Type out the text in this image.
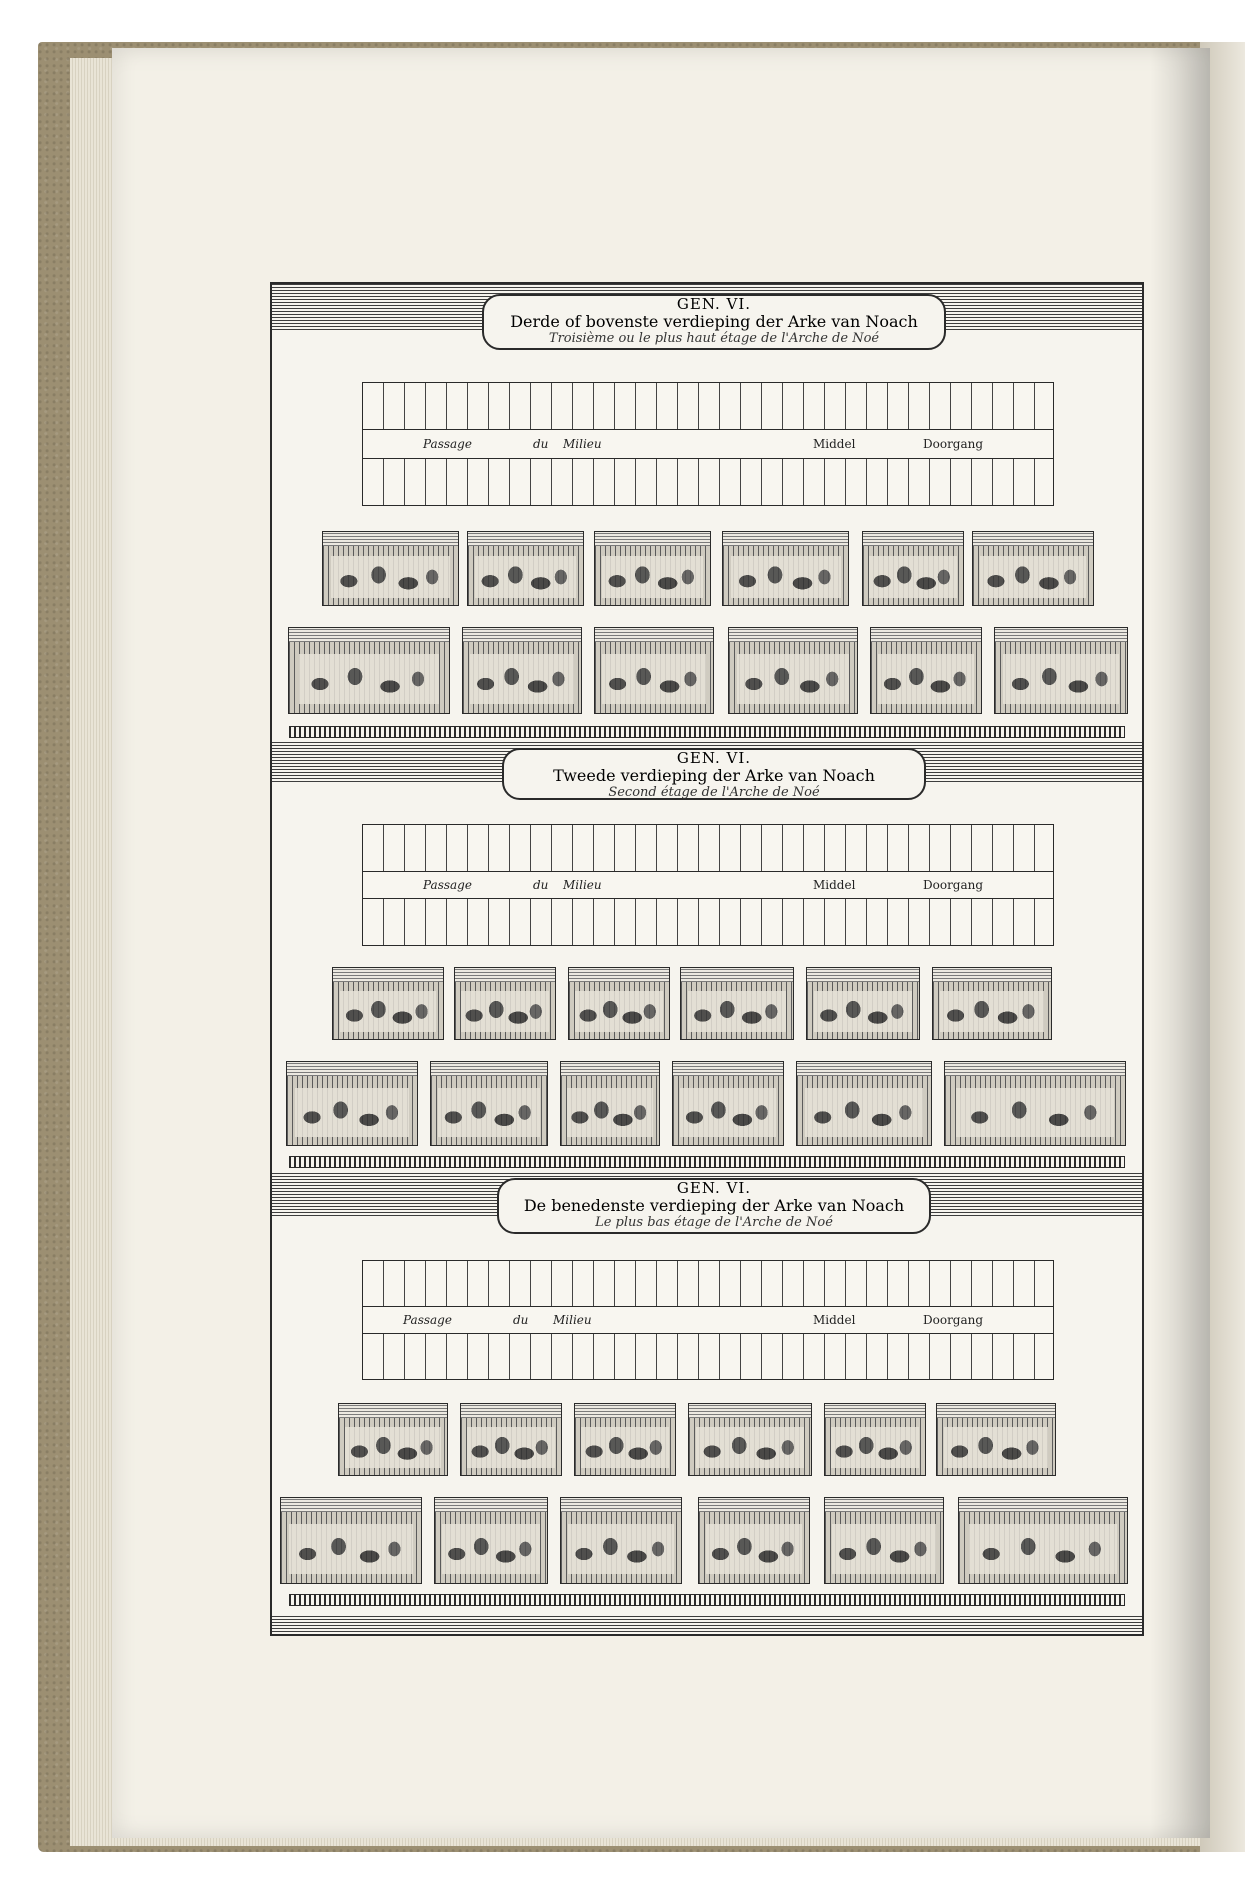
GEN. VI.
Derde of bovenste verdieping der Arke van Noach
Troisième ou le plus haut étage de l'Arche de Noé
Passage	du Milieu	Middel	Doorgang
GEN. VI.
Tweede verdieping der Arke van Noach
Second étage de l'Arche de Noé
Passage	du Milieu	Middel	Doorgang
GEN. VI.
De benedenste verdieping der Arke van Noach
Le plus bas étage de l'Arche de Noé
Passage	du Milieu	Middel	Doorgang
